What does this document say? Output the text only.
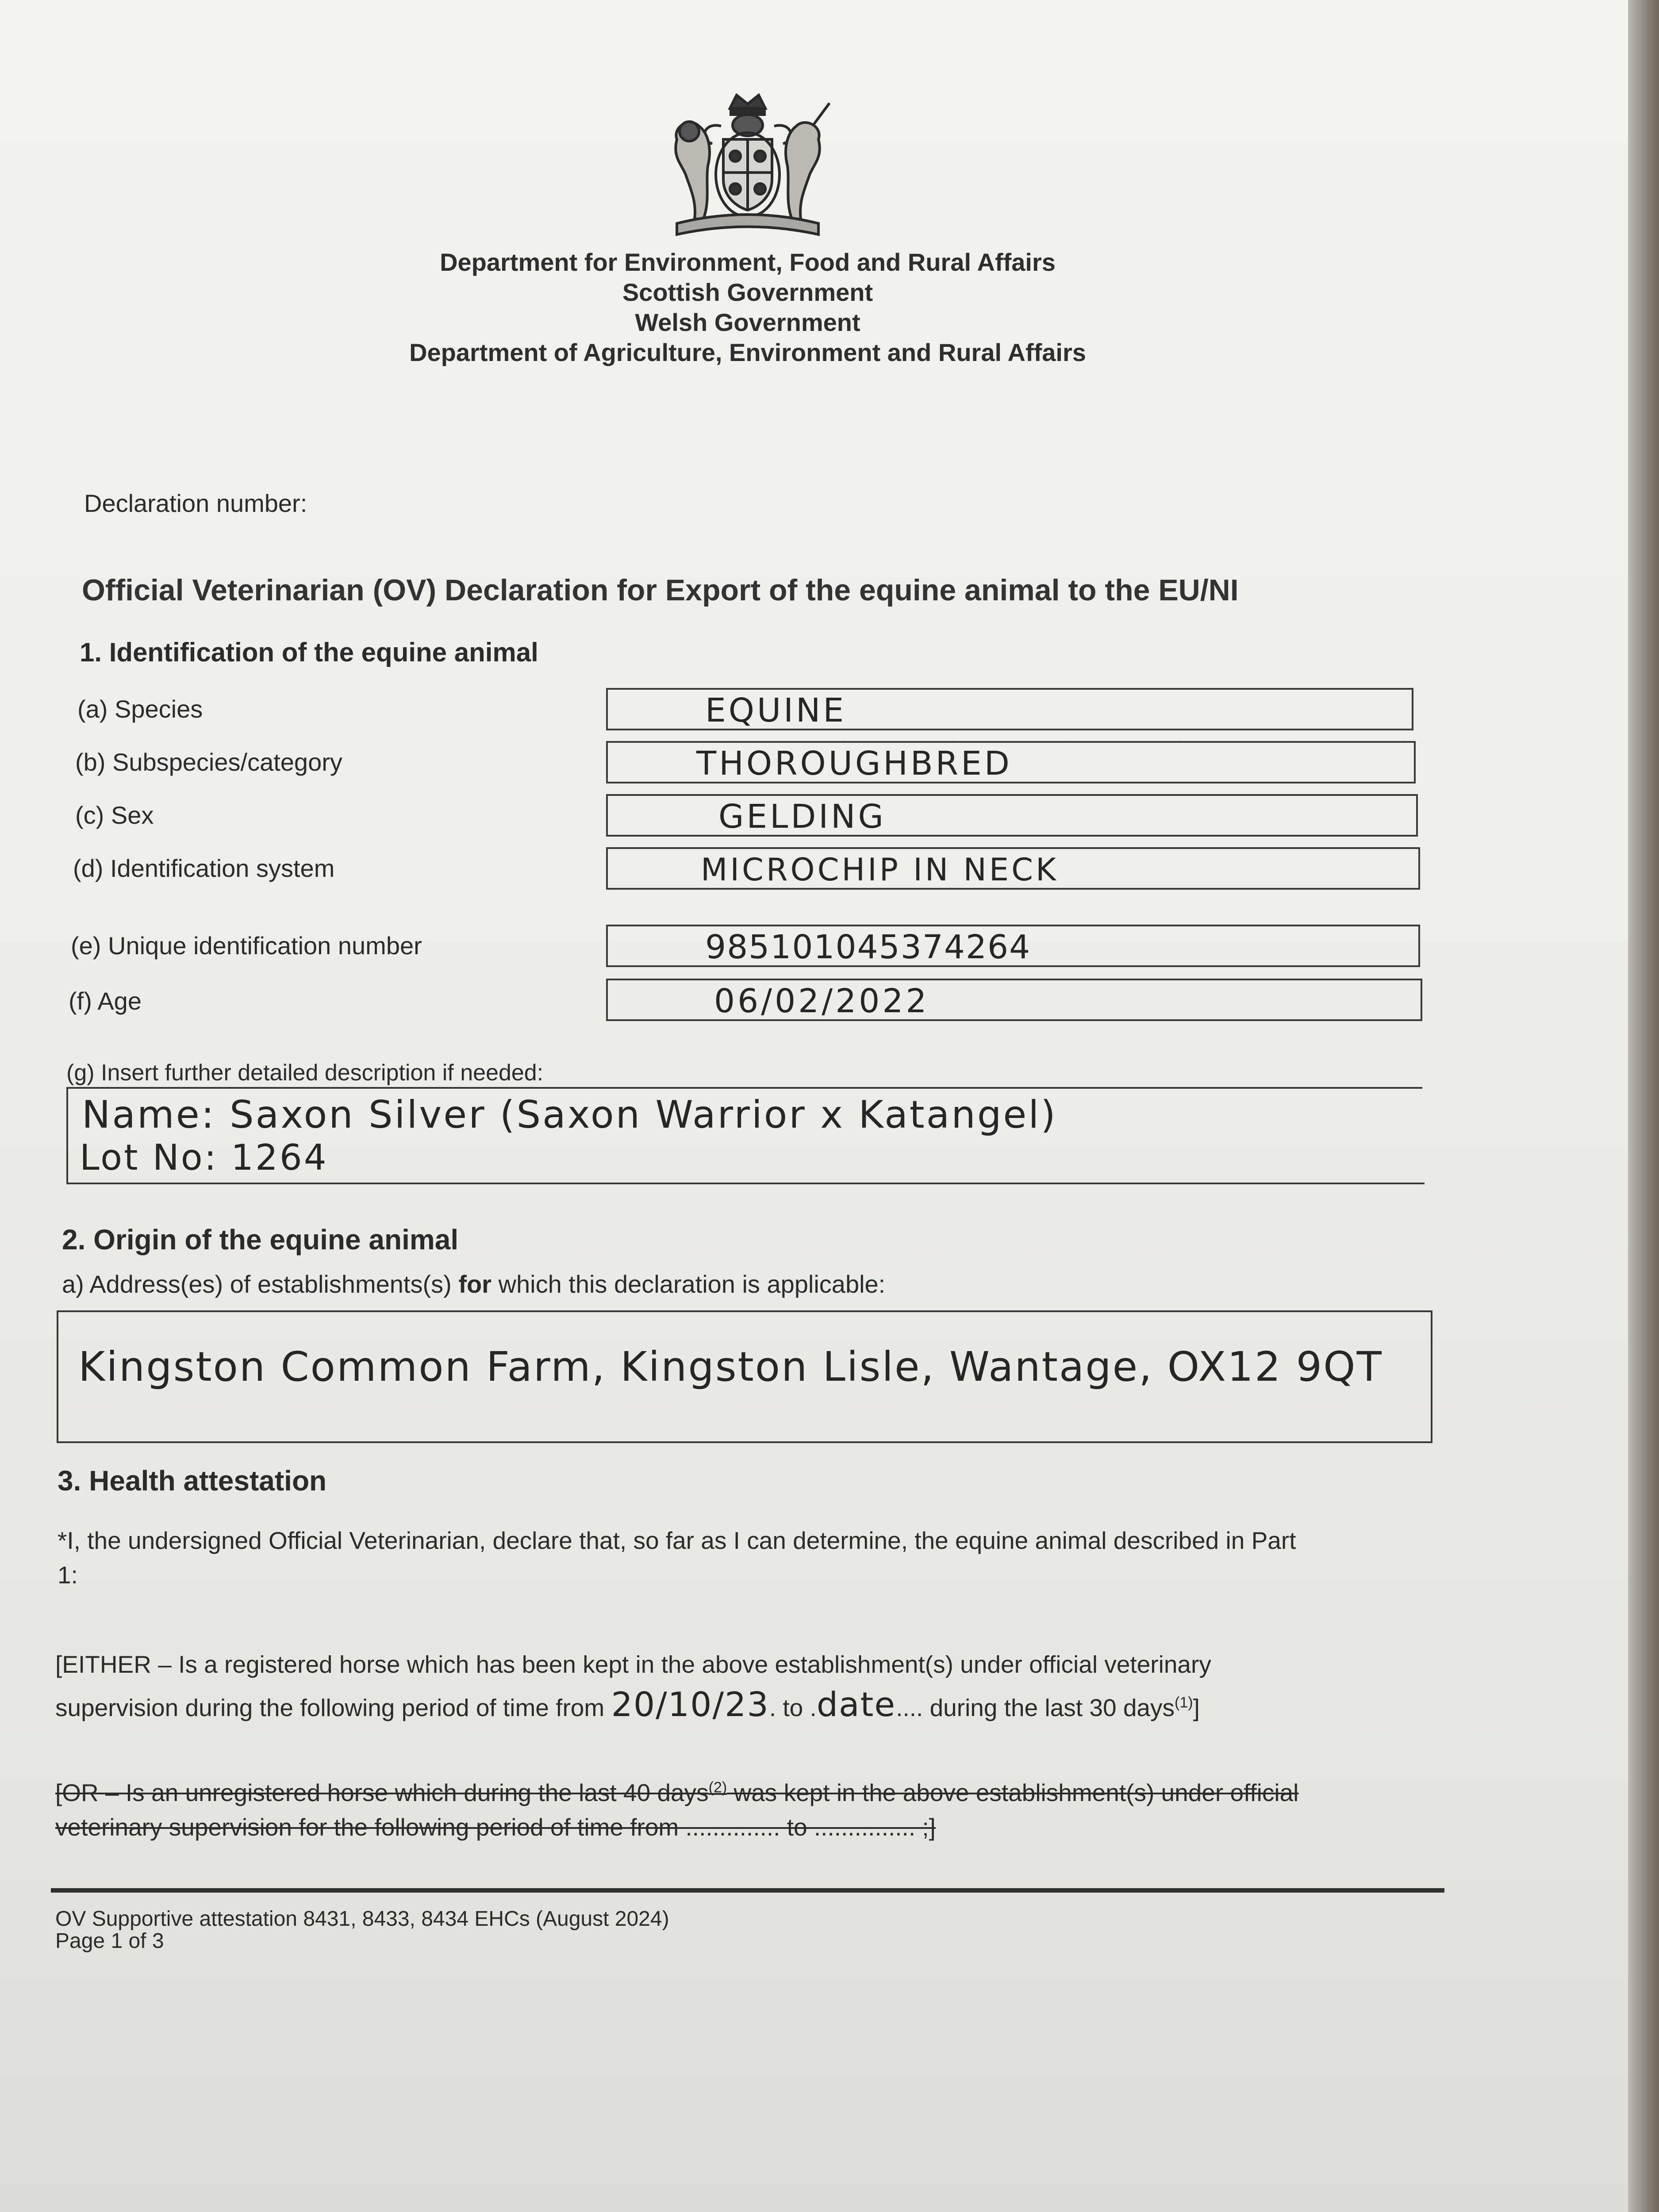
Department for Environment, Food and Rural Affairs
Scottish Government
Welsh Government
Department of Agriculture, Environment and Rural Affairs
Declaration number:
Official Veterinarian (OV) Declaration for Export of the equine animal to the EU/NI
1. Identification of the equine animal
(a) Species	EQUINE
(b) Subspecies/category	THOROUGHBRED
(c) Sex	GELDING
(d) Identification system	MICROCHIP IN NECK
(e) Unique identification number	985101045374264
(f) Age	06/02/2022
(g) Insert further detailed description if needed:
Name: Saxon Silver (Saxon Warrior x Katangel)
Lot No: 1264
2. Origin of the equine animal
a) Address(es) of establishments(s) for which this declaration is applicable:
Kingston Common Farm, Kingston Lisle, Wantage, OX12 9QT
3. Health attestation
*I, the undersigned Official Veterinarian, declare that, so far as I can determine, the equine animal described in Part
1:
[EITHER – Is a registered horse which has been kept in the above establishment(s) under official veterinary
supervision during the following period of time from 20/10/23. to .date.... during the last 30 days$^{(1)}$]
[OR – Is an unregistered horse which during the last 40 days$^{(2)}$ was kept in the above establishment(s) under official
veterinary supervision for the following period of time from .............. to ............... ;]
OV Supportive attestation 8431, 8433, 8434 EHCs (August 2024)
Page 1 of 3
